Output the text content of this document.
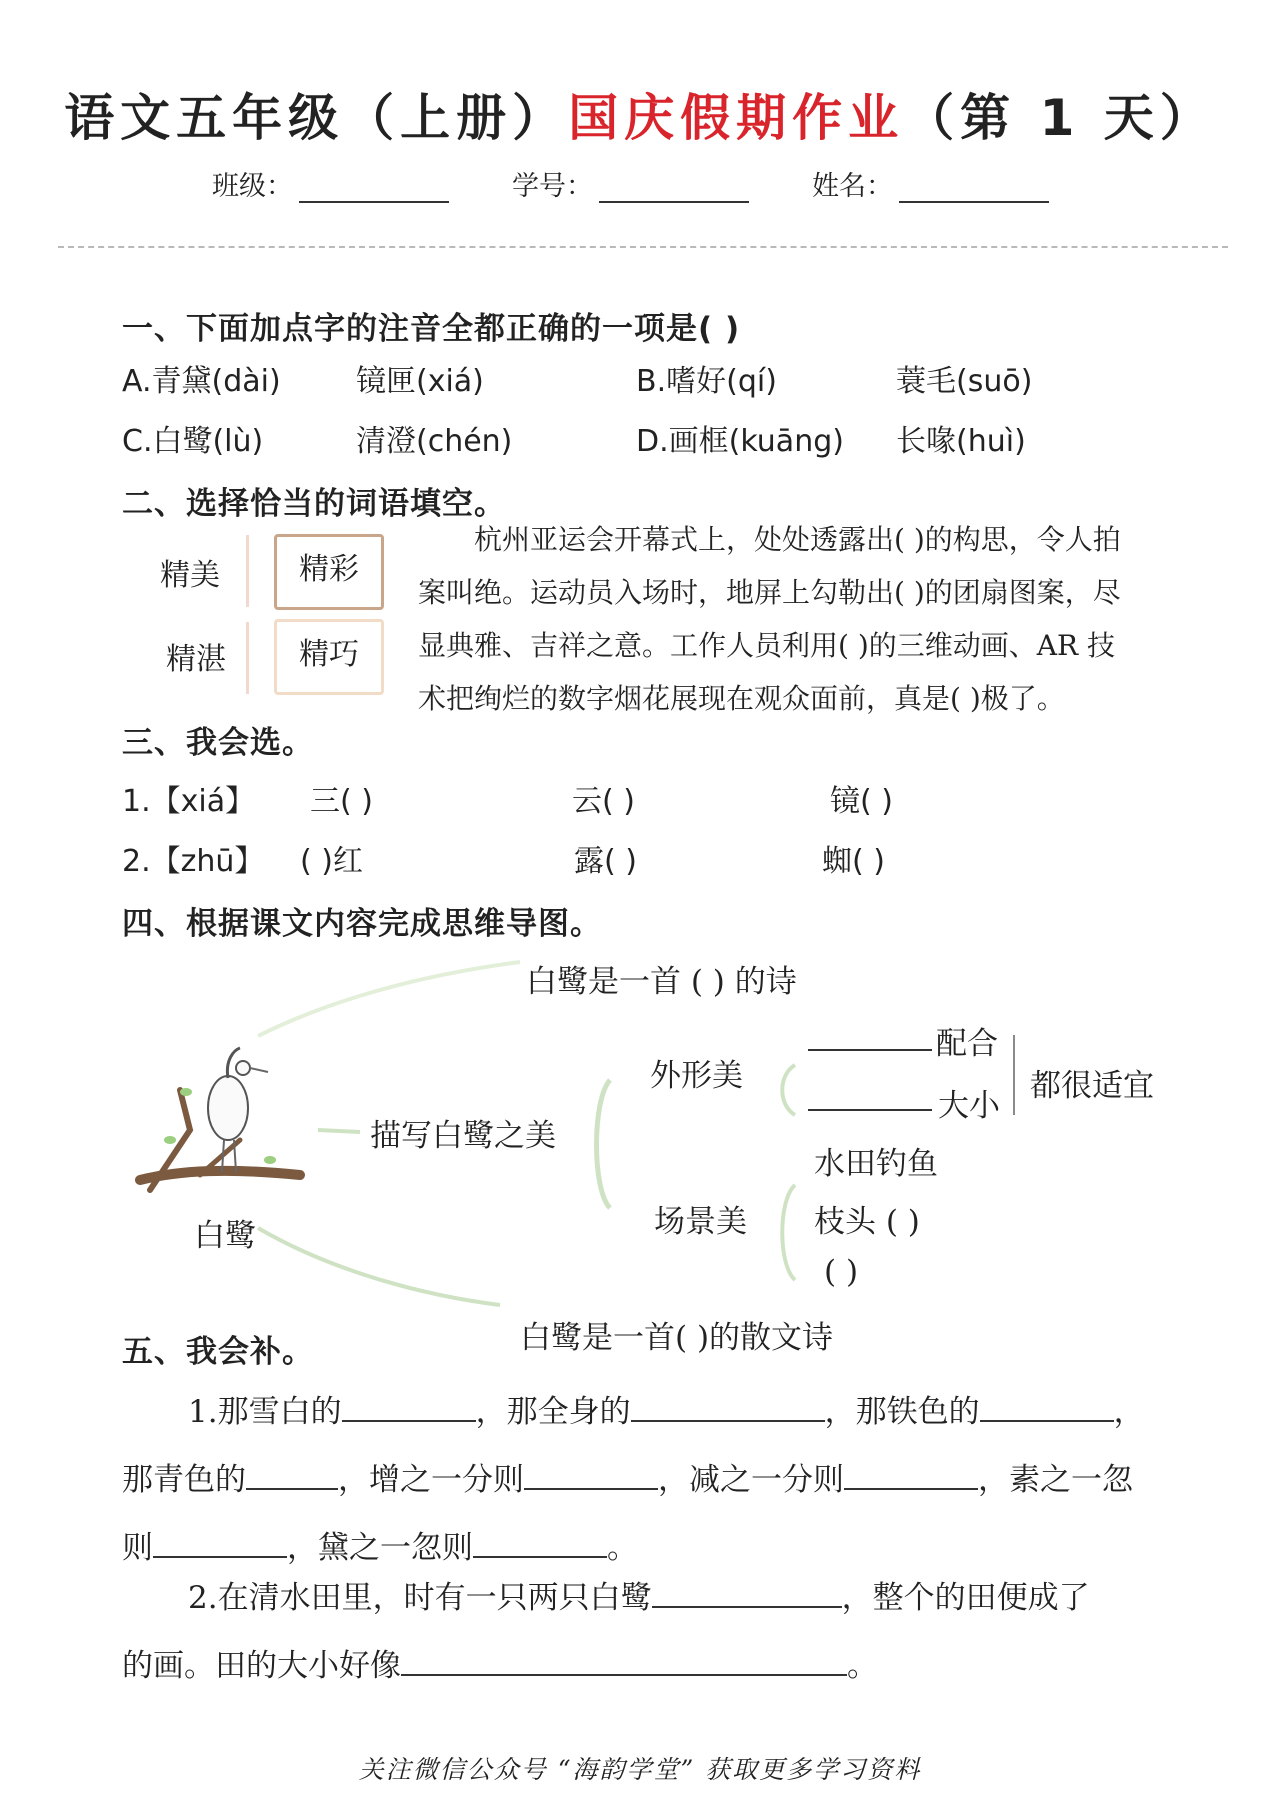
语文五年级（上册）国庆假期作业（第 1 天）
班级：	学号：	姓名：
一、下面加点字的注音全都正确的一项是( )
A.青黛(dài)	镜匣(xiá)	B.嗜好(qí)	蓑毛(suō)
C.白鹭(lù)	清澄(chén)	D.画框(kuāng) 长喙(huì)
二、选择恰当的词语填空。
精美	精彩
精湛	精巧
杭州亚运会开幕式上，处处透露出( )的构思，令人拍
案叫绝。运动员入场时，地屏上勾勒出( )的团扇图案，尽
显典雅、吉祥之意。工作人员利用( )的三维动画、AR 技
术把绚烂的数字烟花展现在观众面前，真是( )极了。
三、我会选。
1.【xiá】 三( )	云( )	镜( )
2.【zhū】 ( )红	露( )	蜘( )
四、根据课文内容完成思维导图。
白鹭是一首 ( ) 的诗
白鹭
描写白鹭之美
外形美
配合
大小
都很适宜
水田钓鱼
场景美 枝头 ( )
( )
白鹭是一首( )的散文诗
五、我会补。
1.那雪白的	，那全身的	，那铁色的	，
那青色的	，增之一分则	，减之一分则	，素之一忽
则	，黛之一忽则	。
2.在清水田里，时有一只两只白鹭	，整个的田便成了
的画。田的大小好像	。
关注微信公众号 “海韵学堂” 获取更多学习资料
